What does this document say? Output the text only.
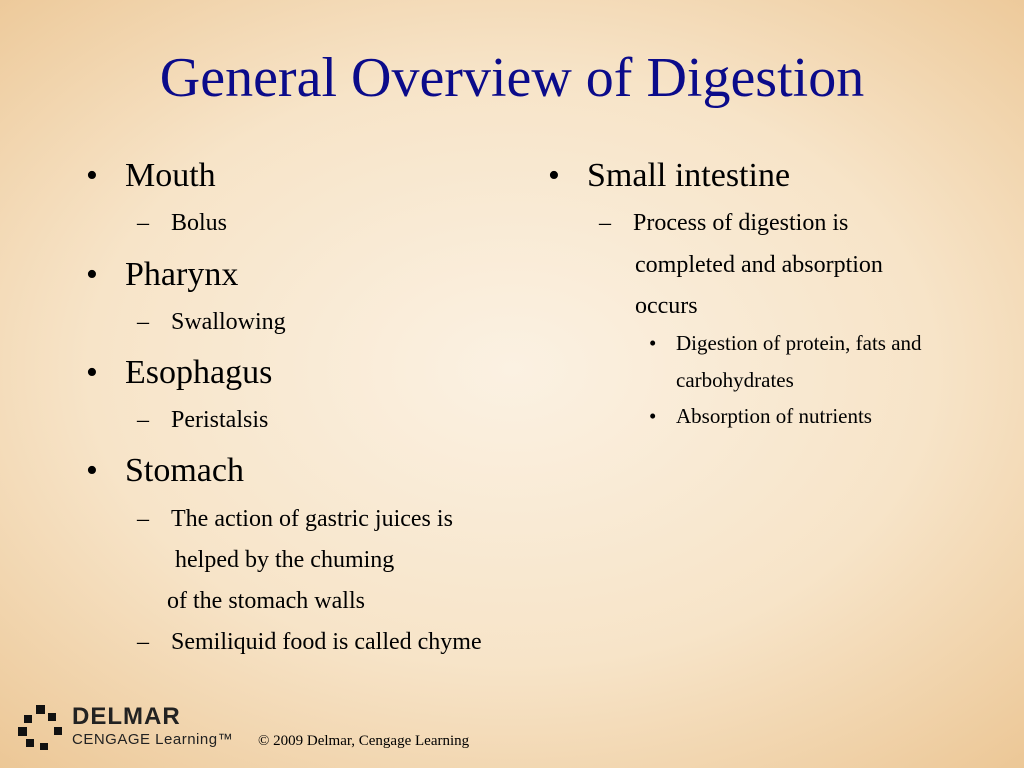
General Overview of Digestion
• Mouth
– Bolus
• Pharynx
– Swallowing
• Esophagus
– Peristalsis
• Stomach
– The action of gastric juices is
helped by the chuming
of the stomach walls
– Semiliquid food is called chyme
• Small intestine
– Process of digestion is
completed and absorption
occurs
• Digestion of protein, fats and
carbohydrates
• Absorption of nutrients
DELMAR
CENGAGE Learning™ © 2009 Delmar, Cengage Learning
